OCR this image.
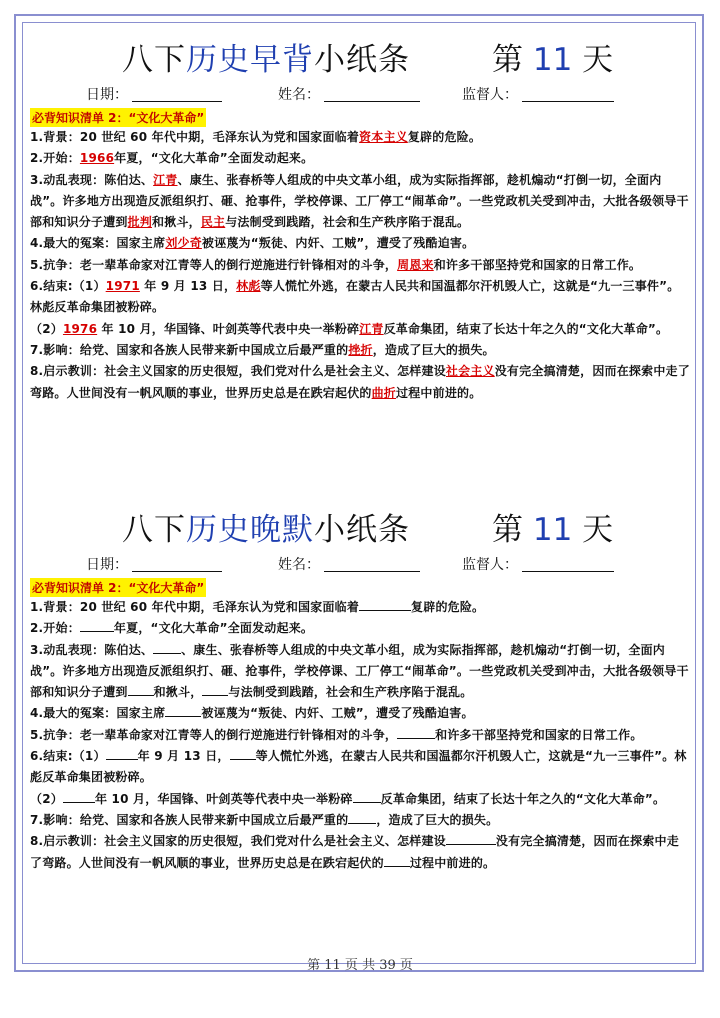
八下历史早背小纸条	第 11 天
日期：	姓名：	监督人：
必背知识清单 2：“文化大革命”

1.背景：20 世纪 60 年代中期，毛泽东认为党和国家面临着资本主义复辟的危险。

2.开始：1966年夏，“文化大革命”全面发动起来。

3.动乱表现：陈伯达、江青、康生、张春桥等人组成的中央文革小组，成为实际指挥部，趁机煽动“打倒一切，全面内战”。许多地方出现造反派组织打、砸、抢事件，学校停课、工厂停工“闹革命”。一些党政机关受到冲击，大批各级领导干部和知识分子遭到批判和揪斗，民主与法制受到践踏，社会和生产秩序陷于混乱。

4.最大的冤案：国家主席刘少奇被诬蔑为“叛徒、内奸、工贼”，遭受了残酷迫害。

5.抗争：老一辈革命家对江青等人的倒行逆施进行针锋相对的斗争，周恩来和许多干部坚持党和国家的日常工作。

6.结束:（1）1971 年 9 月 13 日，林彪等人慌忙外逃，在蒙古人民共和国温都尔汗机毁人亡，这就是“九一三事件”。林彪反革命集团被粉碎。

（2）1976 年 10 月，华国锋、叶剑英等代表中央一举粉碎江青反革命集团，结束了长达十年之久的“文化大革命”。

7.影响：给党、国家和各族人民带来新中国成立后最严重的挫折，造成了巨大的损失。

8.启示教训：社会主义国家的历史很短，我们党对什么是社会主义、怎样建设社会主义没有完全搞清楚，因而在探索中走了弯路。人世间没有一帆风顺的事业，世界历史总是在跌宕起伏的曲折过程中前进的。

八下历史晚默小纸条	第 11 天
日期：	姓名：	监督人：
必背知识清单 2：“文化大革命”

1.背景：20 世纪 60 年代中期，毛泽东认为党和国家面临着	复辟的危险。

2.开始：	年夏，“文化大革命”全面发动起来。

3.动乱表现：陈伯达、 、康生、张春桥等人组成的中央文革小组，成为实际指挥部，趁机煽动“打倒一切，全面内战”。许多地方出现造反派组织打、砸、抢事件，学校停课、工厂停工“闹革命”。一些党政机关受到冲击，大批各级领导干部和知识分子遭到 和揪斗， 与法制受到践踏，社会和生产秩序陷于混乱。

4.最大的冤案：国家主席	被诬蔑为“叛徒、内奸、工贼”，遭受了残酷迫害。

5.抗争：老一辈革命家对江青等人的倒行逆施进行针锋相对的斗争，	和许多干部坚持党和国家的日常工作。

6.结束:（1）	年 9 月 13 日， 等人慌忙外逃，在蒙古人民共和国温都尔汗机毁人亡，这就是“九一三事件”。林彪反革命集团被粉碎。

（2）	年 10 月，华国锋、叶剑英等代表中央一举粉碎 反革命集团，结束了长达十年之久的“文化大革命”。

7.影响：给党、国家和各族人民带来新中国成立后最严重的 ，造成了巨大的损失。

8.启示教训：社会主义国家的历史很短，我们党对什么是社会主义、怎样建设	没有完全搞清楚，因而在探索中走了弯路。人世间没有一帆风顺的事业，世界历史总是在跌宕起伏的 过程中前进的。

第 11 页 共 39 页
